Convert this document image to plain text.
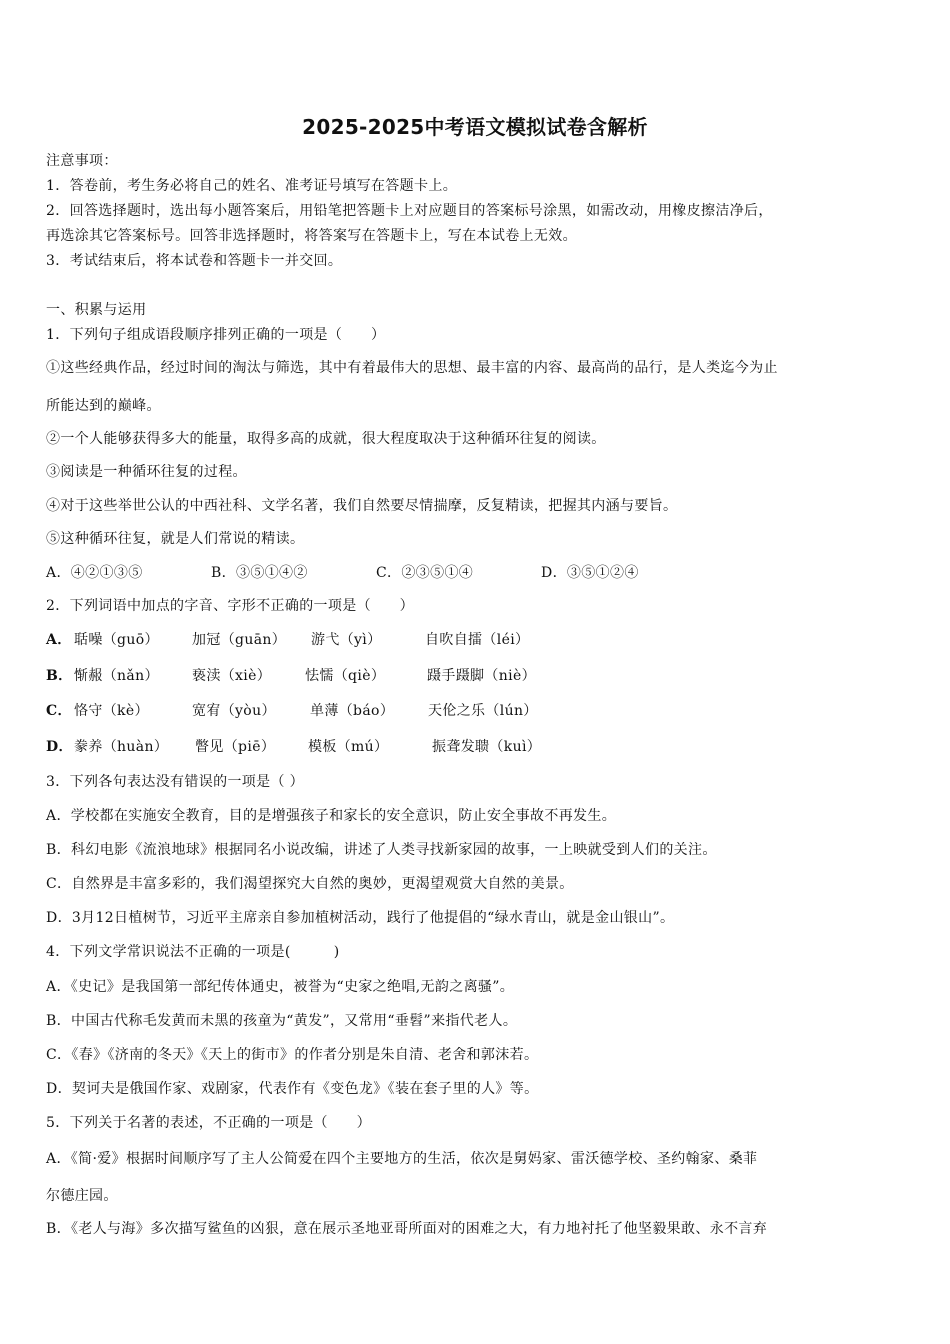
2025-2025中考语文模拟试卷含解析
注意事项：
1．答卷前，考生务必将自己的姓名、准考证号填写在答题卡上。
2．回答选择题时，选出每小题答案后，用铅笔把答题卡上对应题目的答案标号涂黑，如需改动，用橡皮擦洁净后，
再选涂其它答案标号。回答非选择题时，将答案写在答题卡上，写在本试卷上无效。
3．考试结束后，将本试卷和答题卡一并交回。
一、积累与运用
1．下列句子组成语段顺序排列正确的一项是（　　）
①这些经典作品，经过时间的淘汰与筛选，其中有着最伟大的思想、最丰富的内容、最高尚的品行，是人类迄今为止
所能达到的巅峰。
②一个人能够获得多大的能量，取得多高的成就，很大程度取决于这种循环往复的阅读。
③阅读是一种循环往复的过程。
④对于这些举世公认的中西社科、文学名著，我们自然要尽情揣摩，反复精读，把握其内涵与要旨。
⑤这种循环往复，就是人们常说的精读。
A．④②①③⑤	B．③⑤①④②	C．②③⑤①④	D．③⑤①②④
2．下列词语中加点的字音、字形不正确的一项是（　　）
A． 聒噪（guō） 加冠（guān） 游弋（yì）	自吹自擂（léi）
B． 惭赧（nǎn） 亵渎（xiè） 怯懦（qiè）	蹑手蹑脚（niè）
C． 恪守（kè）	宽宥（yòu） 单薄（báo） 天伦之乐（lún）
D． 豢养（huàn） 瞥见（piē） 模板（mú）	振聋发聩（kuì）
3．下列各句表达没有错误的一项是（ ）
A．学校都在实施安全教育，目的是增强孩子和家长的安全意识，防止安全事故不再发生。
B．科幻电影《流浪地球》根据同名小说改编，讲述了人类寻找新家园的故事，一上映就受到人们的关注。
C．自然界是丰富多彩的，我们渴望探究大自然的奥妙，更渴望观赏大自然的美景。
D．3月12日植树节，习近平主席亲自参加植树活动，践行了他提倡的“绿水青山，就是金山银山”。
4．下列文学常识说法不正确的一项是(　　　)
A．《史记》是我国第一部纪传体通史，被誉为“史家之绝唱,无韵之离骚”。
B．中国古代称毛发黄而未黑的孩童为“黄发”，又常用“垂髫”来指代老人。
C．《春》《济南的冬天》《天上的街市》的作者分别是朱自清、老舍和郭沫若。
D．契诃夫是俄国作家、戏剧家，代表作有《变色龙》《装在套子里的人》等。
5．下列关于名著的表述，不正确的一项是（　　）
A．《简·爱》根据时间顺序写了主人公简爱在四个主要地方的生活，依次是舅妈家、雷沃德学校、圣约翰家、桑菲
尔德庄园。
B．《老人与海》多次描写鲨鱼的凶狠，意在展示圣地亚哥所面对的困难之大，有力地衬托了他坚毅果敢、永不言弃
